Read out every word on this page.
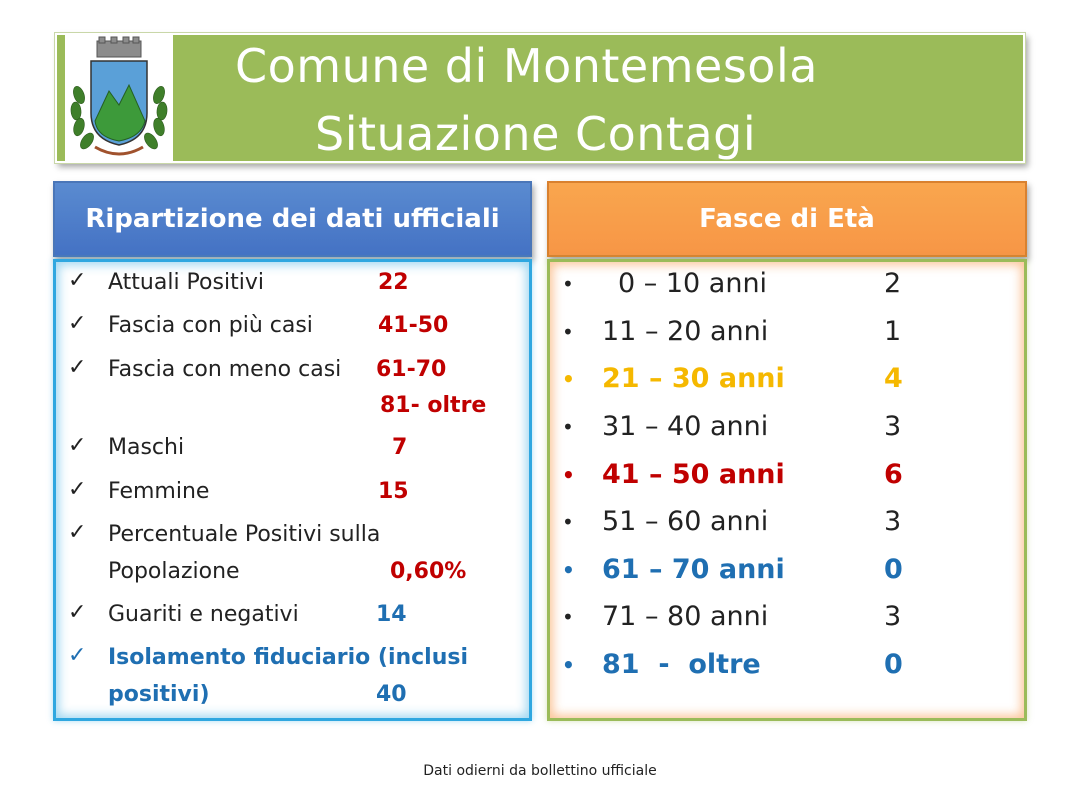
Comune di Montemesola
Situazione Contagi
Ripartizione dei dati ufficiali	Fasce di Età
✓ Attuali Positivi	22
✓ Fascia con più casi	41-50
✓ Fascia con meno casi 61-70
81- oltre
✓ Maschi	7
✓ Femmine	15
✓ Percentuale Positivi sulla
Popolazione	0,60%
✓ Guariti e negativi	14
✓ Isolamento fiduciario (inclusi
positivi)	40
• 0 – 10 anni	2
• 11 – 20 anni	1
• 21 – 30 anni	4
• 31 – 40 anni	3
• 41 – 50 anni	6
• 51 – 60 anni	3
• 61 – 70 anni	0
• 71 – 80 anni	3
• 81  -  oltre	0
Dati odierni da bollettino ufficiale
